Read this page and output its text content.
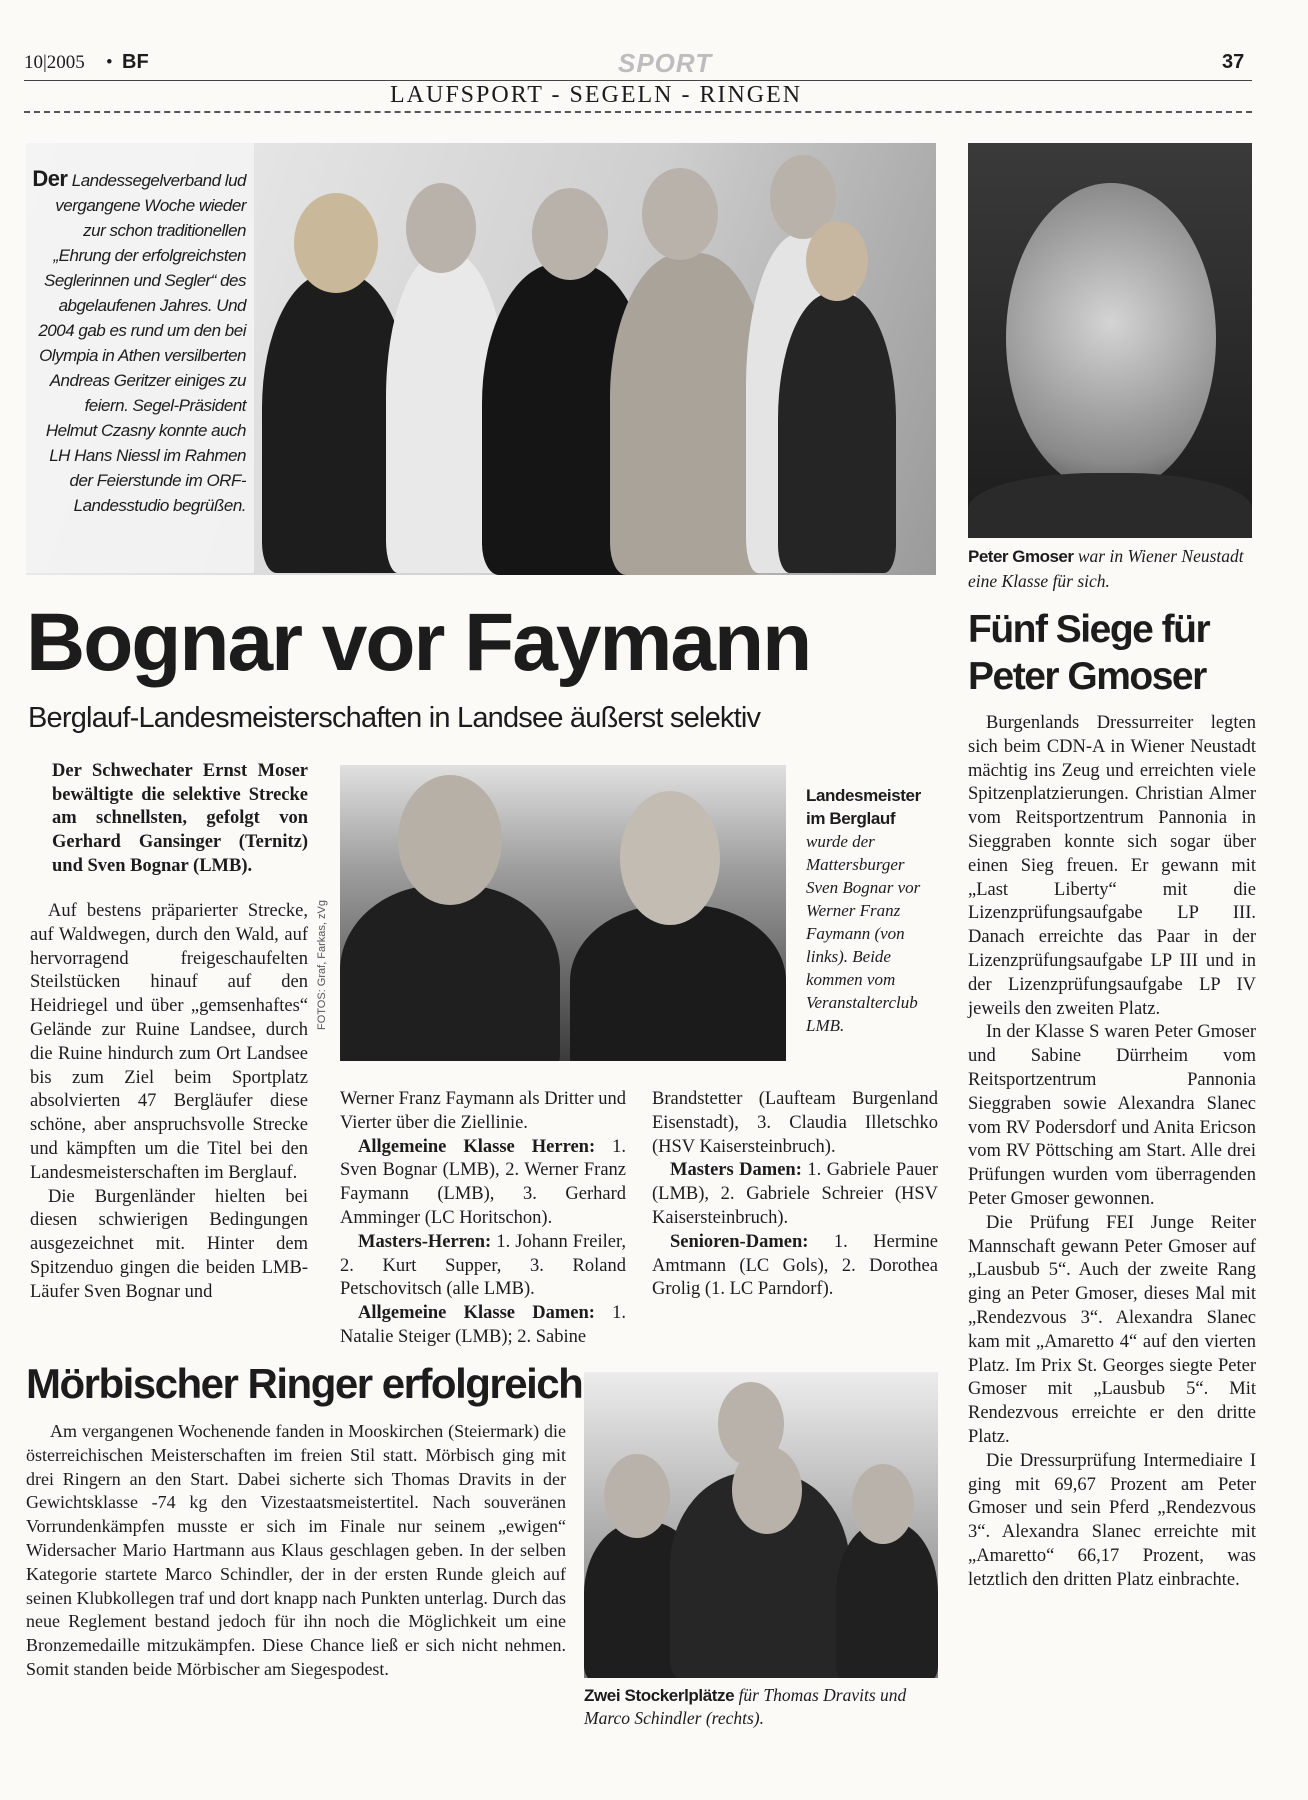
10|2005 • BF	SPORT	37
LAUFSPORT - SEGELN - RINGEN
Der Landessegelverband lud vergangene Woche wieder zur schon traditionellen „Ehrung der erfolgreichsten Seglerinnen und Segler“ des abgelaufenen Jahres. Und 2004 gab es rund um den bei Olympia in Athen versilberten Andreas Geritzer einiges zu feiern. Segel-Präsident Helmut Czasny konnte auch LH Hans Niessl im Rahmen der Feierstunde im ORF-Landesstudio begrüßen.
Peter Gmoser war in Wiener Neustadt eine Klasse für sich.
Bognar vor Faymann
Berglauf-Landesmeisterschaften in Landsee äußerst selektiv
Der Schwechater Ernst Moser bewältigte die selektive Strecke am schnellsten, gefolgt von Gerhard Gansinger (Ternitz) und Sven Bognar (LMB).

Auf bestens präparierter Strecke, auf Waldwegen, durch den Wald, auf hervorragend freigeschaufelten Steilstücken hinauf auf den Heidriegel und über „gemsenhaftes“ Gelände zur Ruine Landsee, durch die Ruine hindurch zum Ort Landsee bis zum Ziel beim Sportplatz absolvierten 47 Bergläufer diese schöne, aber anspruchsvolle Strecke und kämpften um die Titel bei den Landesmeisterschaften im Berglauf.

Die Burgenländer hielten bei diesen schwierigen Bedingungen ausgezeichnet mit. Hinter dem Spitzenduo gingen die beiden LMB-Läufer Sven Bognar und

FOTOS: Graf, Farkas, zVg
Landesmeister im Berglauf wurde der Mattersburger Sven Bognar vor Werner Franz Faymann (von links). Beide kommen vom Veranstalterclub LMB.

Werner Franz Faymann als Dritter und Vierter über die Ziellinie.

Allgemeine Klasse Herren: 1. Sven Bognar (LMB), 2. Werner Franz Faymann (LMB), 3. Gerhard Amminger (LC Horitschon).

Masters-Herren: 1. Johann Freiler, 2. Kurt Supper, 3. Roland Petschovitsch (alle LMB).

Allgemeine Klasse Damen: 1. Natalie Steiger (LMB); 2. Sabine

Brandstetter (Laufteam Burgenland Eisenstadt), 3. Claudia Illetschko (HSV Kaisersteinbruch).

Masters Damen: 1. Gabriele Pauer (LMB), 2. Gabriele Schreier (HSV Kaisersteinbruch).

Senioren-Damen: 1. Hermine Amtmann (LC Gols), 2. Dorothea Grolig (1. LC Parndorf).

Mörbischer Ringer erfolgreich
Am vergangenen Wochenende fanden in Mooskirchen (Steiermark) die österreichischen Meisterschaften im freien Stil statt. Mörbisch ging mit drei Ringern an den Start. Dabei sicherte sich Thomas Dravits in der Gewichtsklasse -74 kg den Vizestaatsmeistertitel. Nach souveränen Vorrundenkämpfen musste er sich im Finale nur seinem „ewigen“ Widersacher Mario Hartmann aus Klaus geschlagen geben. In der selben Kategorie startete Marco Schindler, der in der ersten Runde gleich auf seinen Klubkollegen traf und dort knapp nach Punkten unterlag. Durch das neue Reglement bestand jedoch für ihn noch die Möglichkeit um eine Bronzemedaille mitzukämpfen. Diese Chance ließ er sich nicht nehmen. Somit standen beide Mörbischer am Siegespodest.
Zwei Stockerlplätze für Thomas Dravits und Marco Schindler (rechts).
Fünf Siege für Peter Gmoser

Burgenlands Dressurreiter legten sich beim CDN-A in Wiener Neustadt mächtig ins Zeug und erreichten viele Spitzenplatzierungen. Christian Almer vom Reitsportzentrum Pannonia in Sieggraben konnte sich sogar über einen Sieg freuen. Er gewann mit „Last Liberty“ mit die Lizenzprüfungsaufgabe LP III. Danach erreichte das Paar in der Lizenzprüfungsaufgabe LP III und in der Lizenzprüfungsaufgabe LP IV jeweils den zweiten Platz.

In der Klasse S waren Peter Gmoser und Sabine Dürrheim vom Reitsportzentrum Pannonia Sieggraben sowie Alexandra Slanec vom RV Podersdorf und Anita Ericson vom RV Pöttsching am Start. Alle drei Prüfungen wurden vom überragenden Peter Gmoser gewonnen.

Die Prüfung FEI Junge Reiter Mannschaft gewann Peter Gmoser auf „Lausbub 5“. Auch der zweite Rang ging an Peter Gmoser, dieses Mal mit „Rendezvous 3“. Alexandra Slanec kam mit „Amaretto 4“ auf den vierten Platz. Im Prix St. Georges siegte Peter Gmoser mit „Lausbub 5“. Mit Rendezvous erreichte er den dritte Platz.

Die Dressurprüfung Intermediaire I ging mit 69,67 Prozent am Peter Gmoser und sein Pferd „Rendezvous 3“. Alexandra Slanec erreichte mit „Amaretto“ 66,17 Prozent, was letztlich den dritten Platz einbrachte.
